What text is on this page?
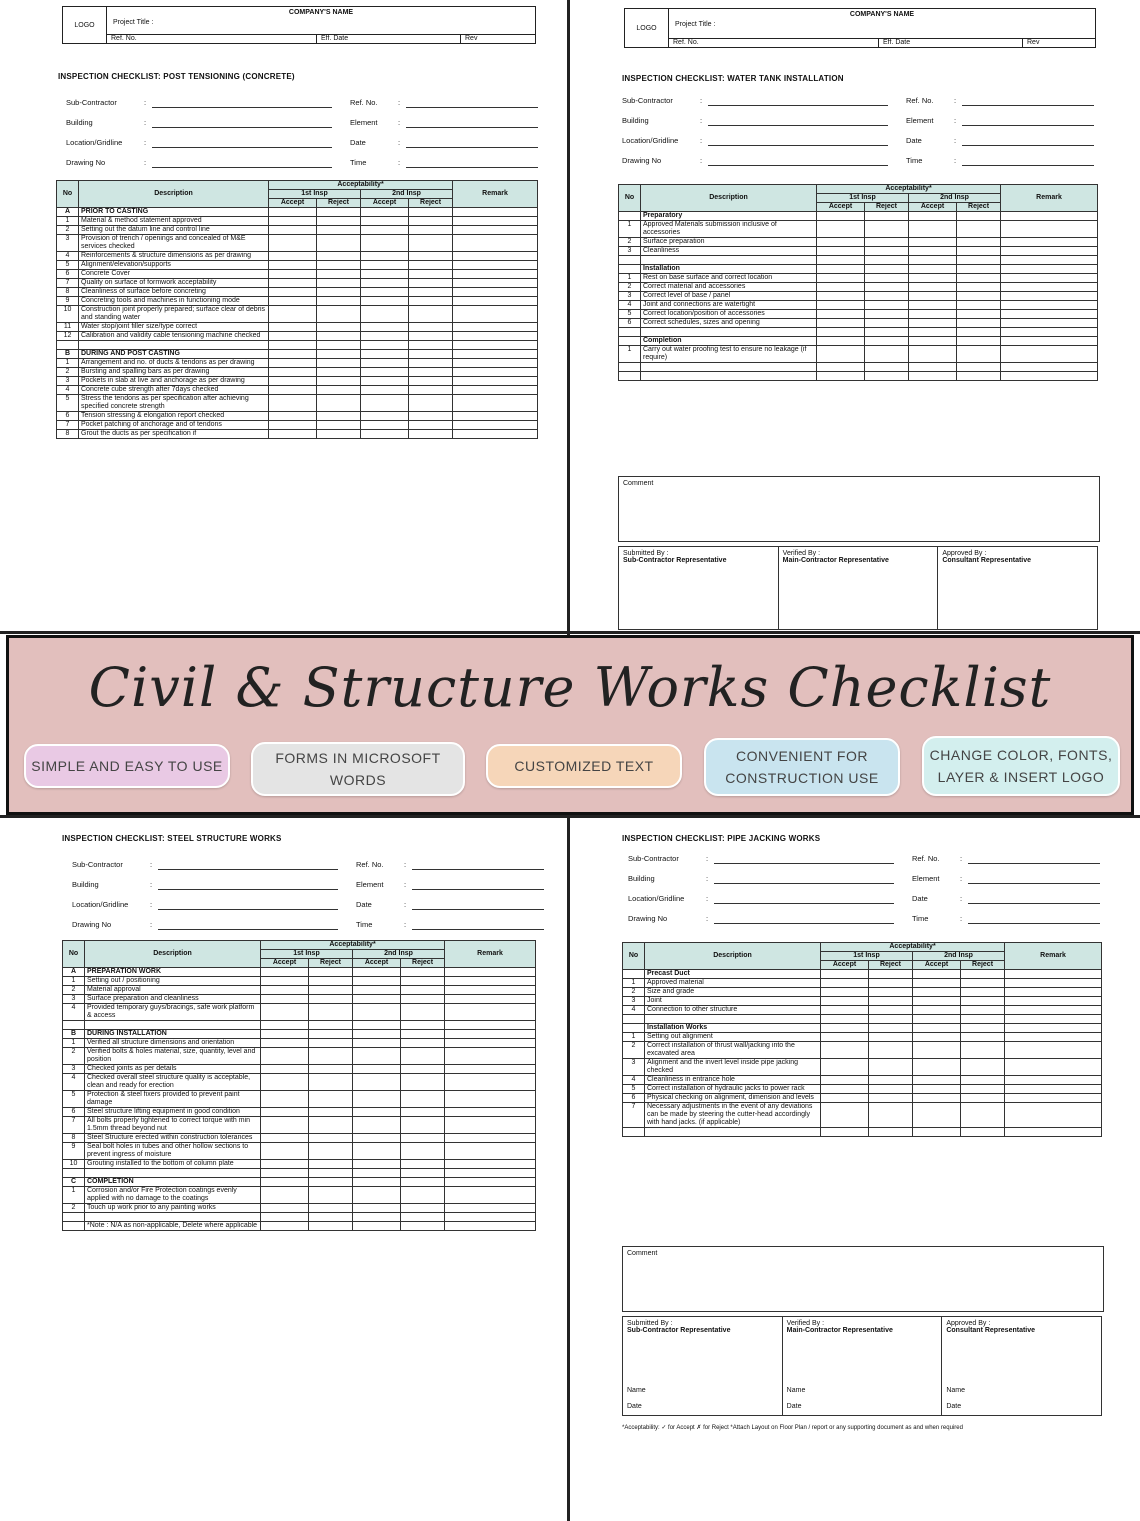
LOGO
COMPANY'S NAME
Project Title :
Ref. No.	Eff. Date	Rev
INSPECTION CHECKLIST: POST TENSIONING (CONCRETE)
Sub-Contractor	:
Building	:
Location/Gridline	:
Drawing No	:
Ref. No.	:
Element	:
Date	:
Time	:
No	Description	Acceptability*				Remark
		1st Insp		2nd Insp		
		Accept	Reject	Accept	Reject	
A	PRIOR TO CASTING					
1	Material & method statement approved					
2	Setting out the datum line and control line					
3	Provision of trench / openings and concealed of M&E services checked					
4	Reinforcements & structure dimensions as per drawing					
5	Alignment/elevation/supports					
6	Concrete Cover					
7	Quality on surface of formwork acceptability					
8	Cleanliness of surface before concreting					
9	Concreting tools and machines in functioning mode					
10	Construction joint properly prepared; surface clear of debris and standing water					
11	Water stop/joint filler size/type correct					
12	Calibration and validity cable tensioning machine checked					

B	DURING AND POST CASTING					
1	Arrangement and no. of ducts & tendons as per drawing					
2	Bursting and spalling bars as per drawing					
3	Pockets in slab at live and anchorage as per drawing					
4	Concrete cube strength after 7days checked					
5	Stress the tendons as per specification after achieving specified concrete strength					
6	Tension stressing & elongation report checked					
7	Pocket patching of anchorage and of tendons					
8	Grout the ducts as per specification if					
LOGO
COMPANY'S NAME
Project Title :
Ref. No.	Eff. Date	Rev
INSPECTION CHECKLIST: WATER TANK INSTALLATION
Sub-Contractor	:
Building	:
Location/Gridline	:
Drawing No	:
Ref. No.	:
Element	:
Date	:
Time	:
No	Description	Acceptability*				Remark
		1st Insp		2nd Insp		
		Accept	Reject	Accept	Reject	
	Preparatory					
1	Approved Materials submission inclusive of accessories					
2	Surface preparation					
3	Cleanliness					

	Installation					
1	Rest on base surface and correct location					
2	Correct material and accessories					
3	Correct level of base / panel					
4	Joint and connections are watertight					
5	Correct location/position of accessories					
6	Correct schedules, sizes and opening					

	Completion					
1	Carry out water proofing test to ensure no leakage (if require)					

Comment
Submitted By :
Sub-Contractor Representative
Verified By :
Main-Contractor Representative
Approved By :
Consultant Representative
INSPECTION CHECKLIST: STEEL STRUCTURE WORKS
Sub-Contractor	:
Building	:
Location/Gridline	:
Drawing No	:
Ref. No.	:
Element	:
Date	:
Time	:
No	Description	Acceptability*				Remark
		1st Insp		2nd Insp		
		Accept	Reject	Accept	Reject	
A	PREPARATION WORK					
1	Setting out / positioning					
2	Material approval					
3	Surface preparation and cleanliness					
4	Provided temporary guys/bracings, safe work platform & access					

B	DURING INSTALLATION					
1	Verified all structure dimensions and orientation					
2	Verified bolts & holes material, size, quantity, level and position					
3	Checked joints as per details					
4	Checked overall steel structure quality is acceptable, clean and ready for erection					
5	Protection & steel fixers provided to prevent paint damage					
6	Steel structure lifting equipment in good condition					
7	All bolts properly tightened to correct torque with min 1.5mm thread beyond nut					
8	Steel Structure erected within construction tolerances					
9	Seal bolt holes in tubes and other hollow sections to prevent ingress of moisture					
10	Grouting installed to the bottom of column plate					

C	COMPLETION					
1	Corrosion and/or Fire Protection coatings evenly applied with no damage to the coatings					
2	Touch up work prior to any painting works					

	*Note : N/A as non-applicable, Delete where applicable					
INSPECTION CHECKLIST: PIPE JACKING WORKS
Sub-Contractor	:
Building	:
Location/Gridline	:
Drawing No	:
Ref. No.	:
Element	:
Date	:
Time	:
No	Description	Acceptability*				Remark
		1st Insp		2nd Insp		
		Accept	Reject	Accept	Reject	
	Precast Duct					
1	Approved material					
2	Size and grade					
3	Joint					
4	Connection to other structure					

	Installation Works					
1	Setting out alignment					
2	Correct installation of thrust wall/jacking into the excavated area					
3	Alignment and the invert level inside pipe jacking checked					
4	Cleanliness in entrance hole					
5	Correct installation of hydraulic jacks to power rack					
6	Physical checking on alignment, dimension and levels					
7	Necessary adjustments in the event of any deviations can be made by steering the cutter-head accordingly with hand jacks. (if applicable)					

Comment
Submitted By :
Sub-Contractor Representative
Name
Date
Verified By :
Main-Contractor Representative
Name
Date
Approved By :
Consultant Representative
Name
Date
*Acceptability: ✓ for Accept ✗ for Reject *Attach Layout on Floor Plan / report or any supporting document as and when required
Civil & Structure Works Checklist
SIMPLE AND EASY TO USE	FORMS IN MICROSOFT WORDS
CUSTOMIZED TEXT
CONVENIENT FOR CONSTRUCTION USE
CHANGE COLOR, FONTS, LAYER & INSERT LOGO
